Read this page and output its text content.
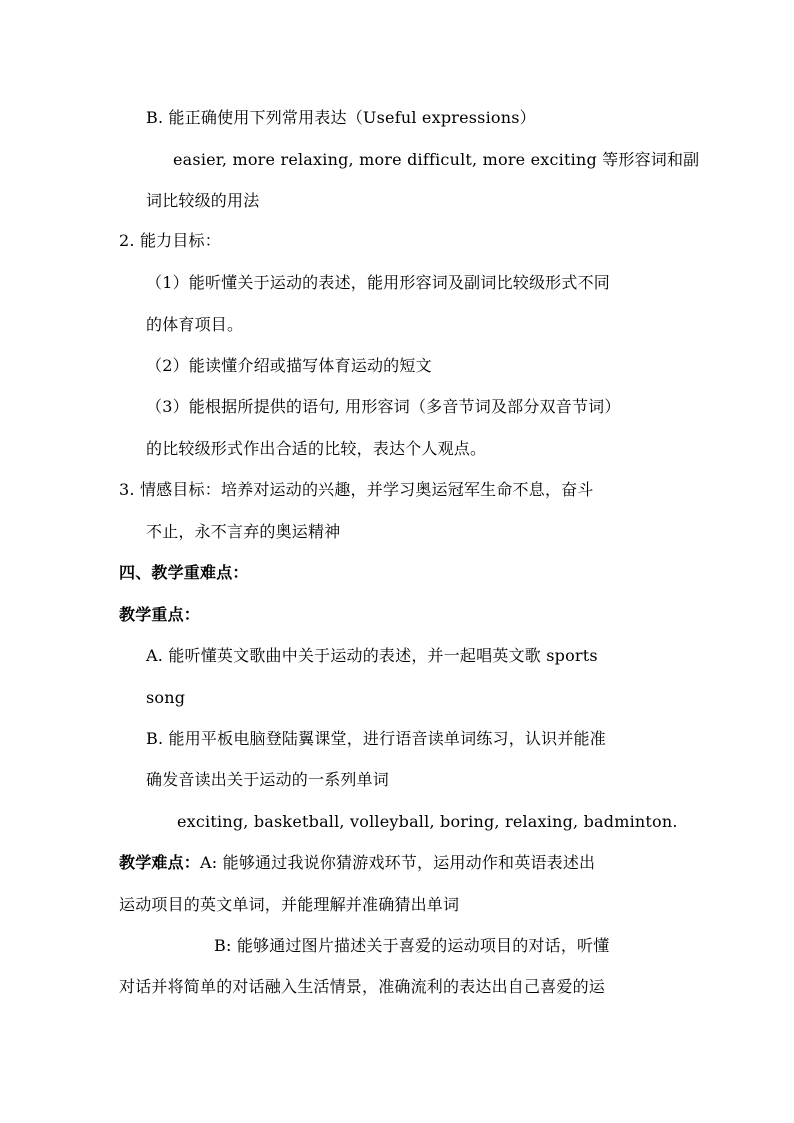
B. 能正确使用下列常用表达（Useful expressions）
easier, more relaxing, more difficult, more exciting 等形容词和副
词比较级的用法
2. 能力目标：
（1）能听懂关于运动的表述，能用形容词及副词比较级形式不同
的体育项目。
（2）能读懂介绍或描写体育运动的短文
（3）能根据所提供的语句, 用形容词（多音节词及部分双音节词）
的比较级形式作出合适的比较，表达个人观点。
3. 情感目标：培养对运动的兴趣，并学习奥运冠军生命不息，奋斗
不止，永不言弃的奥运精神
四、教学重难点：
教学重点：
A. 能听懂英文歌曲中关于运动的表述，并一起唱英文歌 sports
song
B. 能用平板电脑登陆翼课堂，进行语音读单词练习，认识并能准
确发音读出关于运动的一系列单词
exciting, basketball, volleyball, boring, relaxing, badminton.
教学难点：A: 能够通过我说你猜游戏环节，运用动作和英语表述出
运动项目的英文单词，并能理解并准确猜出单词
B: 能够通过图片描述关于喜爱的运动项目的对话，听懂
对话并将简单的对话融入生活情景，准确流利的表达出自己喜爱的运
